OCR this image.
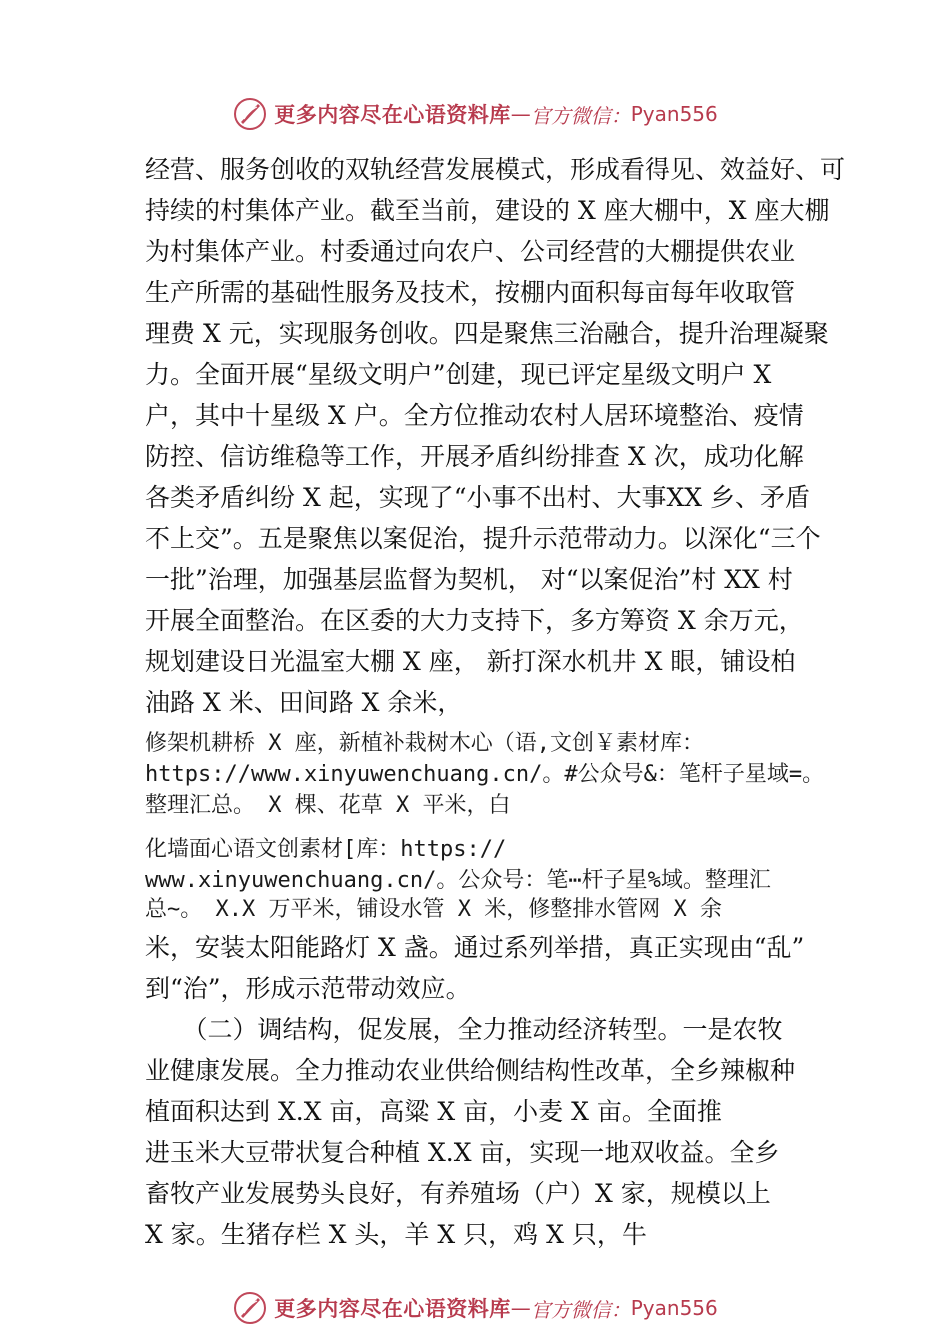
更多内容尽在心语资料库 — 官方微信： Pyan556
经营、服务创收的双轨经营发展模式，形成看得见、效益好、可
持续的村集体产业。截至当前，建设的 X 座大棚中，X 座大棚
为村集体产业。村委通过向农户、公司经营的大棚提供农业
生产所需的基础性服务及技术，按棚内面积每亩每年收取管
理费 X 元，实现服务创收。四是聚焦三治融合，提升治理凝聚
力。全面开展“星级文明户”创建，现已评定星级文明户 X
户，其中十星级 X 户。全方位推动农村人居环境整治、疫情
防控、信访维稳等工作，开展矛盾纠纷排查 X 次，成功化解
各类矛盾纠纷 X 起，实现了“小事不出村、大事XX 乡、矛盾
不上交”。五是聚焦以案促治，提升示范带动力。以深化“三个
一批”治理，加强基层监督为契机， 对“以案促治”村 XX 村
开展全面整治。在区委的大力支持下，多方筹资 X 余万元，
规划建设日光温室大棚 X 座， 新打深水机井 X 眼，铺设柏
油路 X 米、田间路 X 余米，
修架机耕桥 X 座，新植补栽树木心（语,文创￥素材库：
https://www.xinyuwenchuang.cn/。#公众号&：笔杆子星域=。
整理汇总。 X 棵、花草 X 平米，白
化墙面心语文创素材[库：https://
www.xinyuwenchuang.cn/。公众号：笔⋯杆子星%域。整理汇
总~。 X.X 万平米，铺设水管 X 米，修整排水管网 X 余
米，安装太阳能路灯 X 盏。通过系列举措，真正实现由“乱”
到“治”，形成示范带动效应。
　　（二）调结构，促发展，全力推动经济转型。一是农牧
业健康发展。全力推动农业供给侧结构性改革，全乡辣椒种
植面积达到 X.X 亩，高粱 X 亩，小麦 X 亩。全面推
进玉米大豆带状复合种植 X.X 亩，实现一地双收益。全乡
畜牧产业发展势头良好，有养殖场（户）X 家，规模以上
X 家。生猪存栏 X 头，羊 X 只，鸡 X 只，牛
更多内容尽在心语资料库 — 官方微信： Pyan556
